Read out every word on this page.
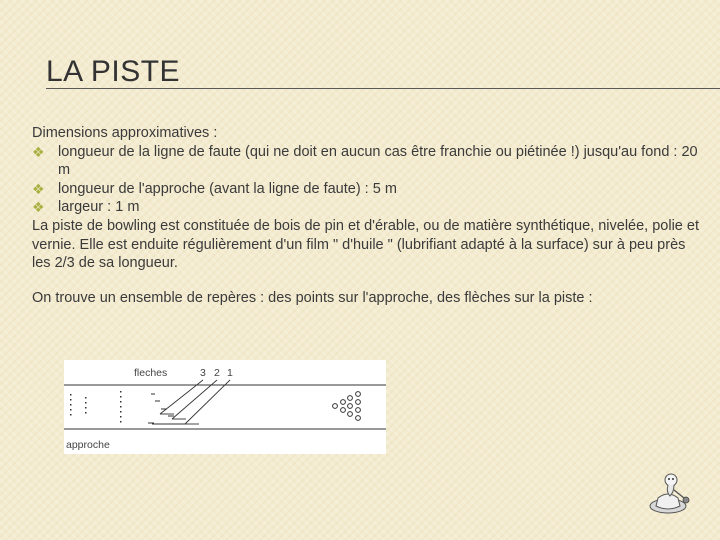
LA PISTE

Dimensions approximatives :

❖ longueur de la ligne de faute (qui ne doit en aucun cas être franchie ou piétinée !) jusqu'au fond : 20 m
❖ longueur de l'approche (avant la ligne de faute) : 5 m
❖ largeur : 1 m

La piste de bowling est constituée de bois de pin et d'érable, ou de matière synthétique, nivelée, polie et vernie. Elle est enduite régulièrement d'un film " d'huile " (lubrifiant adapté à la surface) sur à peu près les 2/3 de sa longueur.

On trouve un ensemble de repères : des points sur l'approche, des flèches sur la piste :

fleches	3 2 1
approche
